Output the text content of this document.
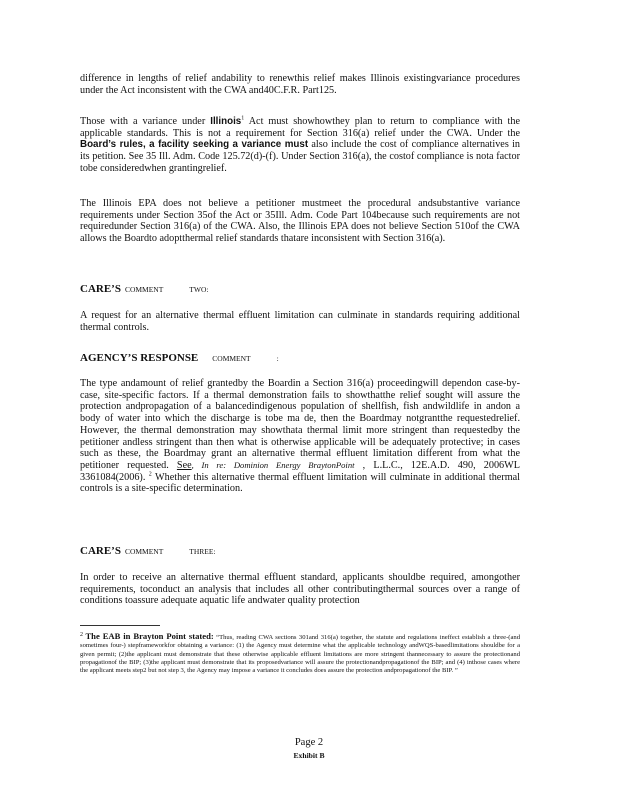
difference in lengths of relief andability to renewthis relief makes Illinois existingvariance procedures under the Act inconsistent with the CWA and40C.F.R. Part125.

Those with a variance under Illinois$^1$ Act must showhowthey plan to return to compliance with the applicable standards. This is not a requirement for Section 316(a) relief under the CWA. Under the Board’s rules, a facility seeking a variance must also include the cost of compliance alternatives in its petition. See 35 Ill. Adm. Code 125.72(d)-(f). Under Section 316(a), the costof compliance is nota factor tobe consideredwhen grantingrelief.

The Illinois EPA does not believe a petitioner mustmeet the procedural andsubstantive variance requirements under Section 35of the Act or 35Ill. Adm. Code Part 104because such requirements are not requiredunder Section 316(a) of the CWA. Also, the Illinois EPA does not believe Section 510of the CWA allows the Boardto adoptthermal relief standards thatare inconsistent with Section 316(a).

CARE’S COMMENT	TWO:

A request for an alternative thermal effluent limitation can culminate in standards requiring additional thermal controls.

AGENCY’S RESPONSE COMMENT	:

The type andamount of relief grantedby the Boardin a Section 316(a) proceedingwill dependon case-by-case, site-specific factors. If a thermal demonstration fails to showthatthe relief sought will assure the protection andpropagation of a balancedindigenous population of shellfish, fish andwildlife in andon a body of water into which the discharge is tobe ma de, then the Boardmay notgrantthe requestedrelief. However, the thermal demonstration may showthata thermal limit more stringent than requestedby the petitioner andless stringent than then what is otherwise applicable will be adequately protective; in cases such as these, the Boardmay grant an alternative thermal effluent limitation different from what the petitioner requested. See, In re: Dominion Energy BraytonPoint , L.L.C., 12E.A.D. 490, 2006WL 3361084(2006). $^2$ Whether this alternative thermal effluent limitation will culminate in additional thermal controls is a site-specific determination.

CARE’S COMMENT	THREE:

In order to receive an alternative thermal effluent standard, applicants shouldbe required, amongother requirements, toconduct an analysis that includes all other contributingthermal sources over a range of conditions toassure adequate aquatic life andwater quality protection

$^2$ The EAB in Brayton Point stated: “Thus, reading CWA sections 301and 316(a) together, the statute and regulations ineffect establish a three-(and sometimes four-) stepframeworkfor obtaining a variance: (1) the Agency must determine what the applicable technology andWQS-basedlimitations shouldbe for a given permit; (2)the applicant must demonstrate that these otherwise applicable effluent limitations are more stringent thannecessary to assure the protectionand propagationof the BIP; (3)the applicant must demonstrate that its proposedvariance will assure the protectionandpropagationof the BIP; and (4) inthose cases where the applicant meets step2 but not step 3, the Agency may impose a variance it concludes does assure the protection andpropagationof the BIP. ”

Page 2

Exhibit B
